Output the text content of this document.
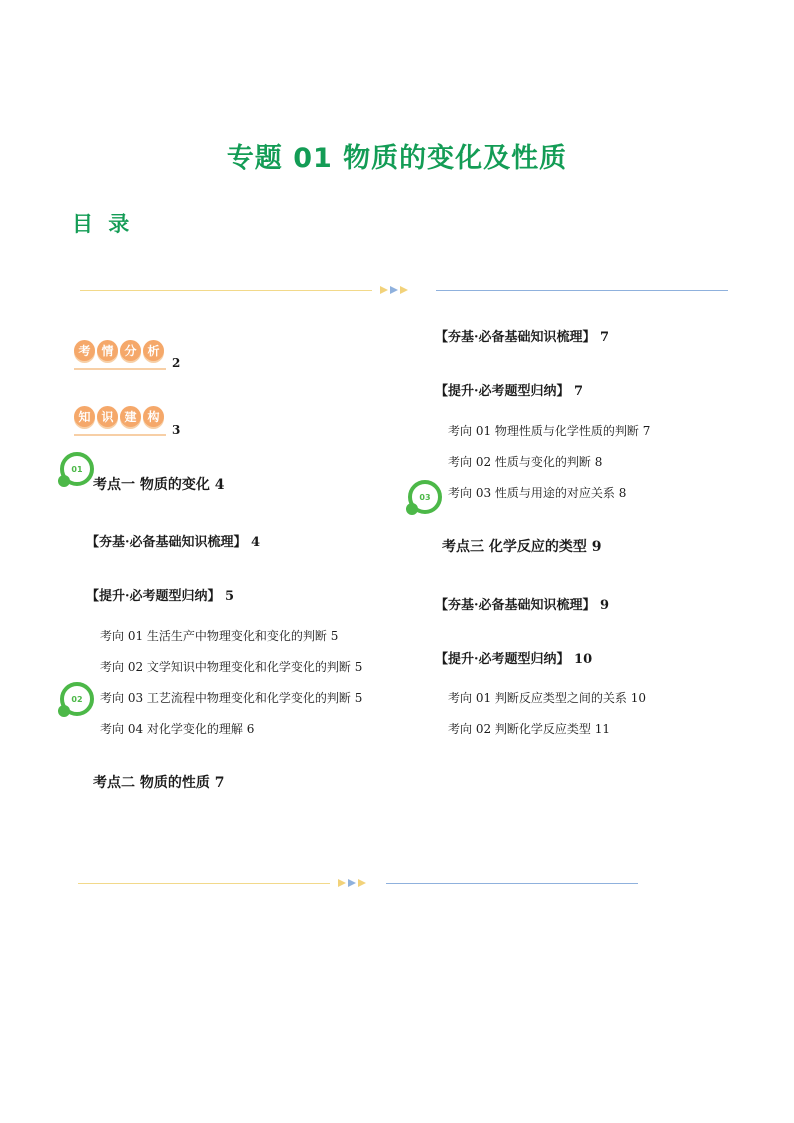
专题 01 物质的变化及性质
目 录
考 情 分 析
2
知 识 建 构
3
01
02
03
考点一 物质的变化 4
【夯基·必备基础知识梳理】 4
【提升·必考题型归纳】 5
考向 01 生活生产中物理变化和变化的判断 5
考向 02 文学知识中物理变化和化学变化的判断 5
考向 03 工艺流程中物理变化和化学变化的判断 5
考向 04 对化学变化的理解 6
考点二 物质的性质 7
【夯基·必备基础知识梳理】 7
【提升·必考题型归纳】 7
考向 01 物理性质与化学性质的判断 7
考向 02 性质与变化的判断 8
考向 03 性质与用途的对应关系 8
考点三 化学反应的类型 9
【夯基·必备基础知识梳理】 9
【提升·必考题型归纳】 10
考向 01 判断反应类型之间的关系 10
考向 02 判断化学反应类型 11
